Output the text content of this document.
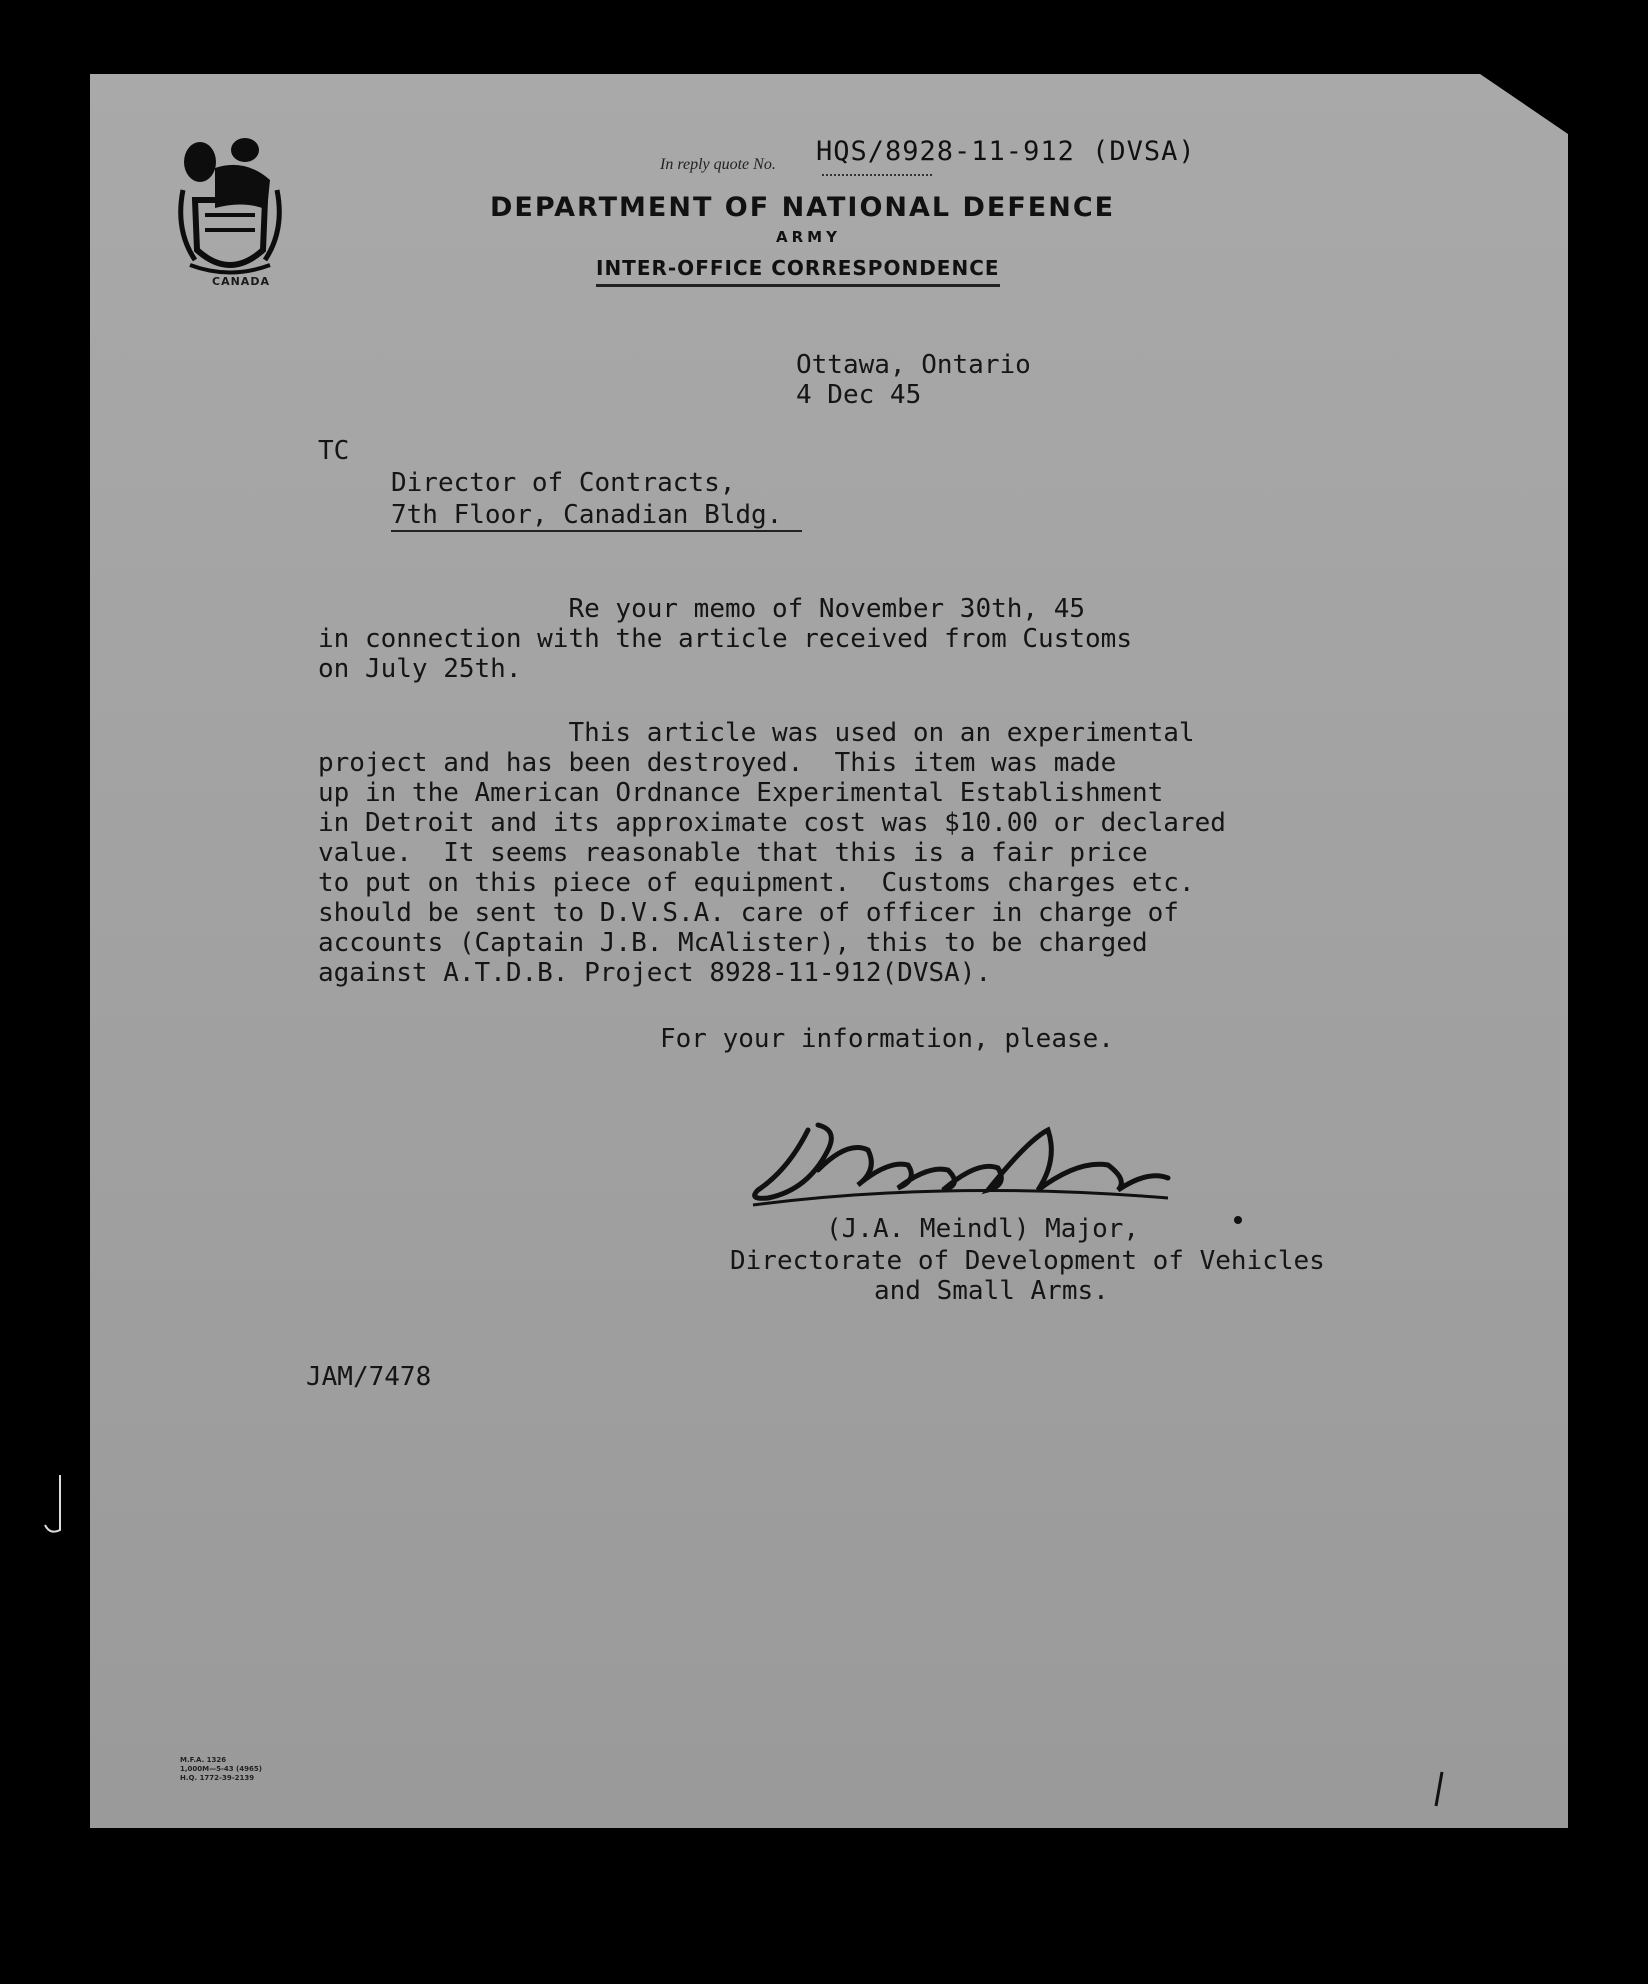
CANADA
In reply quote No. HQS/8928-11-912 (DVSA)
DEPARTMENT OF NATIONAL DEFENCE
ARMY
INTER-OFFICE CORRESPONDENCE
Ottawa, Ontario
4 Dec 45
TC
Director of Contracts,
7th Floor, Canadian Bldg.
Re your memo of November 30th, 45
in connection with the article received from Customs
on July 25th.
This article was used on an experimental
project and has been destroyed.  This item was made
up in the American Ordnance Experimental Establishment
in Detroit and its approximate cost was $10.00 or declared
value.  It seems reasonable that this is a fair price
to put on this piece of equipment.  Customs charges etc.
should be sent to D.V.S.A. care of officer in charge of
accounts (Captain J.B. McAlister), this to be charged
against A.T.D.B. Project 8928-11-912(DVSA).
For your information, please.
(J.A. Meindl) Major,
Directorate of Development of Vehicles
and Small Arms.
JAM/7478
M.F.A. 1326
1,000M—5-43 (4965)
H.Q. 1772-39-2139
